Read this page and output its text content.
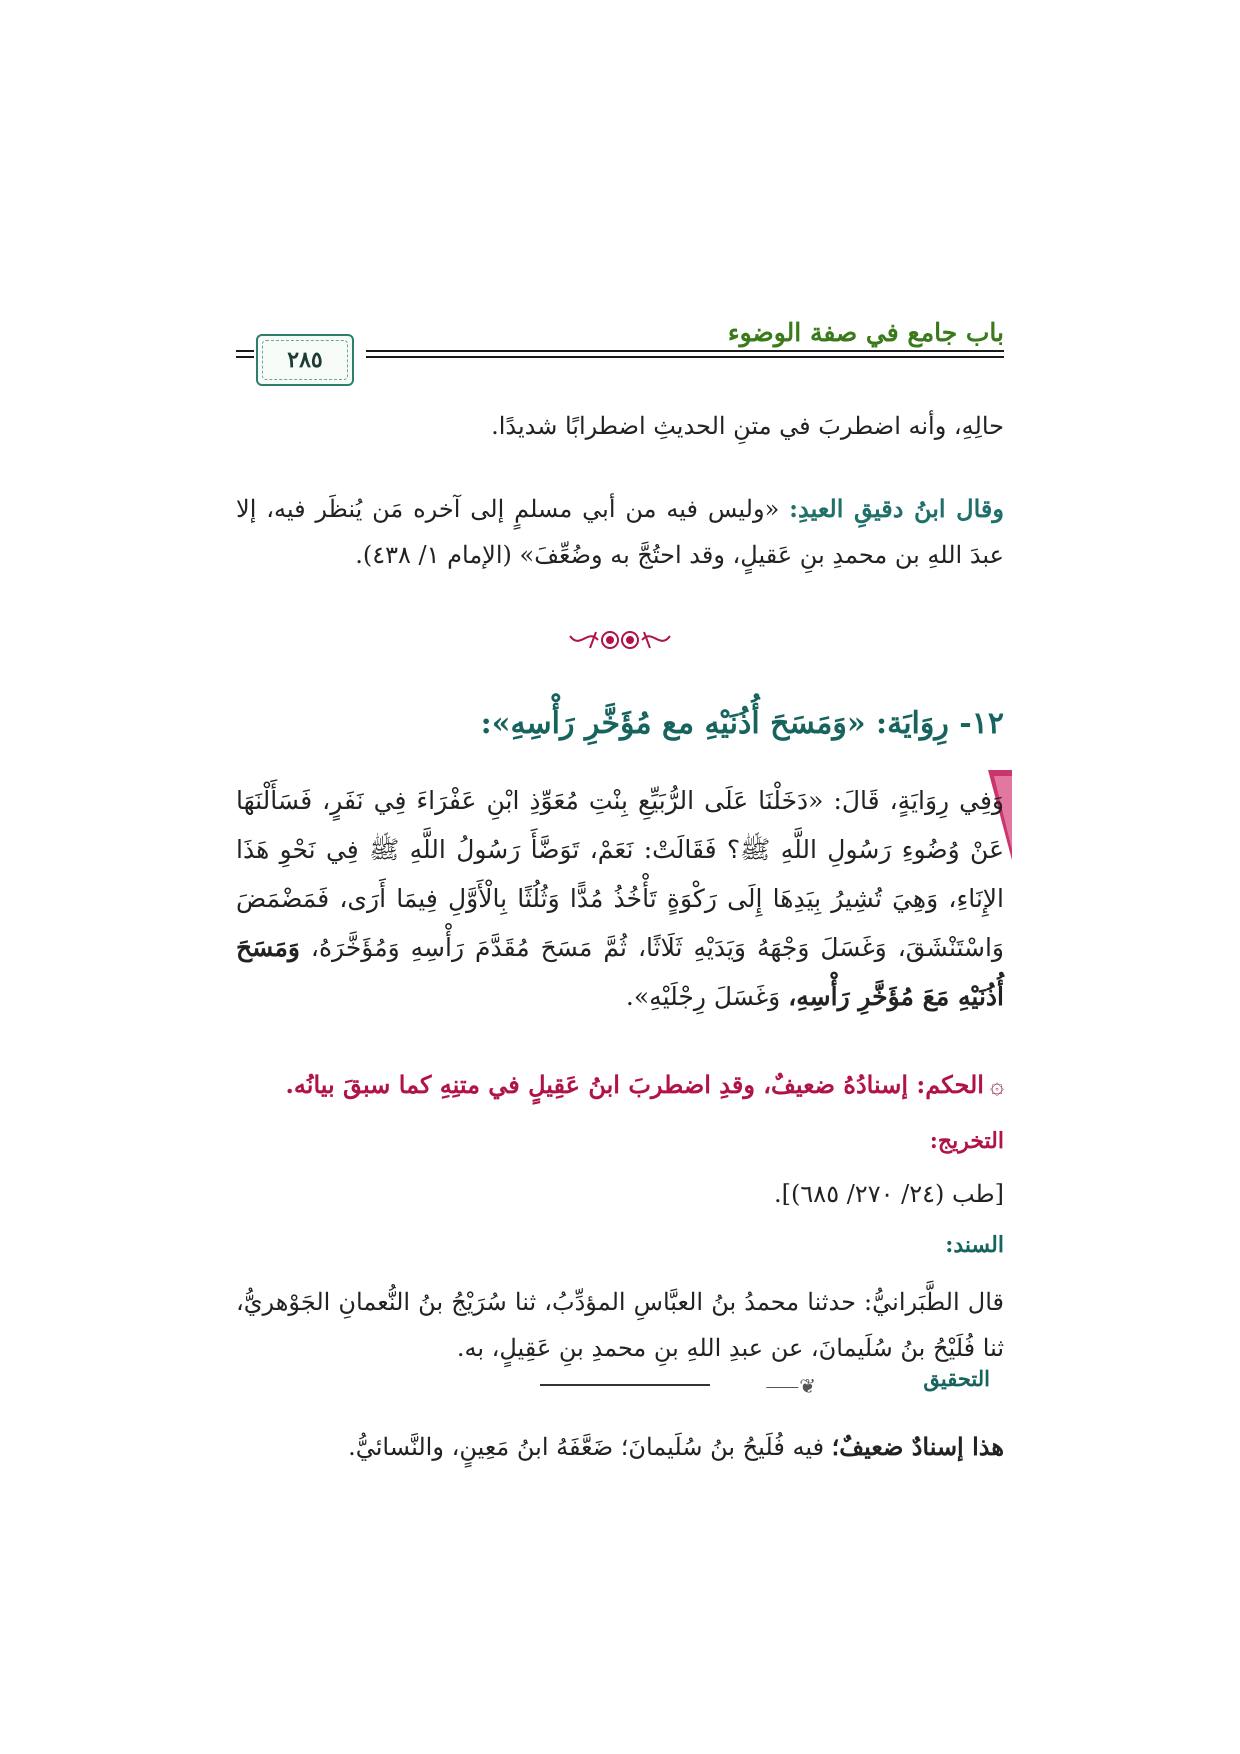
باب جامع في صفة الوضوء
٢٨٥
حالِهِ، وأنه اضطربَ في متنِ الحديثِ اضطرابًا شديدًا.
وقال ابنُ دقيقِ العيدِ: «وليس فيه من أبي مسلمٍ إلى آخره مَن يُنظَر فيه، إلا عبدَ اللهِ بن محمدِ بنِ عَقيلٍ، وقد احتُجَّ به وضُعِّفَ» (الإمام ١/ ٤٣٨).
١٢- رِوَايَة: «وَمَسَحَ أُذُنَيْهِ مع مُؤَخَّرِ رَأْسِهِ»:
وَفِي رِوَايَةٍ، قَالَ: «دَخَلْنَا عَلَى الرُّبَيِّعِ بِنْتِ مُعَوِّذِ ابْنِ عَفْرَاءَ فِي نَفَرٍ، فَسَأَلْنَهَا عَنْ وُضُوءِ رَسُولِ اللَّهِ ﷺ؟ فَقَالَتْ: نَعَمْ، تَوَضَّأَ رَسُولُ اللَّهِ ﷺ فِي نَحْوِ هَذَا الإِنَاءِ، وَهِيَ تُشِيرُ بِيَدِهَا إِلَى رَكْوَةٍ تَأْخُذُ مُدًّا وَثُلُثًا بِالْأَوَّلِ فِيمَا أَرَى، فَمَضْمَضَ وَاسْتَنْشَقَ، وَغَسَلَ وَجْهَهُ وَيَدَيْهِ ثَلَاثًا، ثُمَّ مَسَحَ مُقَدَّمَ رَأْسِهِ وَمُؤَخَّرَهُ، وَمَسَحَ أُذُنَيْهِ مَعَ مُؤَخَّرِ رَأْسِهِ، وَغَسَلَ رِجْلَيْهِ».
۞الحكم: إسنادُهُ ضعيفٌ، وقدِ اضطربَ ابنُ عَقِيلٍ في متنِهِ كما سبقَ بيانُه.
التخريج:
[طب (٢٤/ ٢٧٠/ ٦٨٥)].
السند:
قال الطَّبَرانيُّ: حدثنا محمدُ بنُ العبَّاسِ المؤدِّبُ، ثنا سُرَيْجُ بنُ النُّعمانِ الجَوْهريُّ، ثنا فُلَيْحُ بنُ سُلَيمانَ، عن عبدِ اللهِ بنِ محمدِ بنِ عَقِيلٍ، به.
⸺❦	التحقيق
هذا إسنادٌ ضعيفٌ؛ فيه فُلَيحُ بنُ سُلَيمانَ؛ ضَعَّفَهُ ابنُ مَعِينٍ، والنَّسائيُّ.
